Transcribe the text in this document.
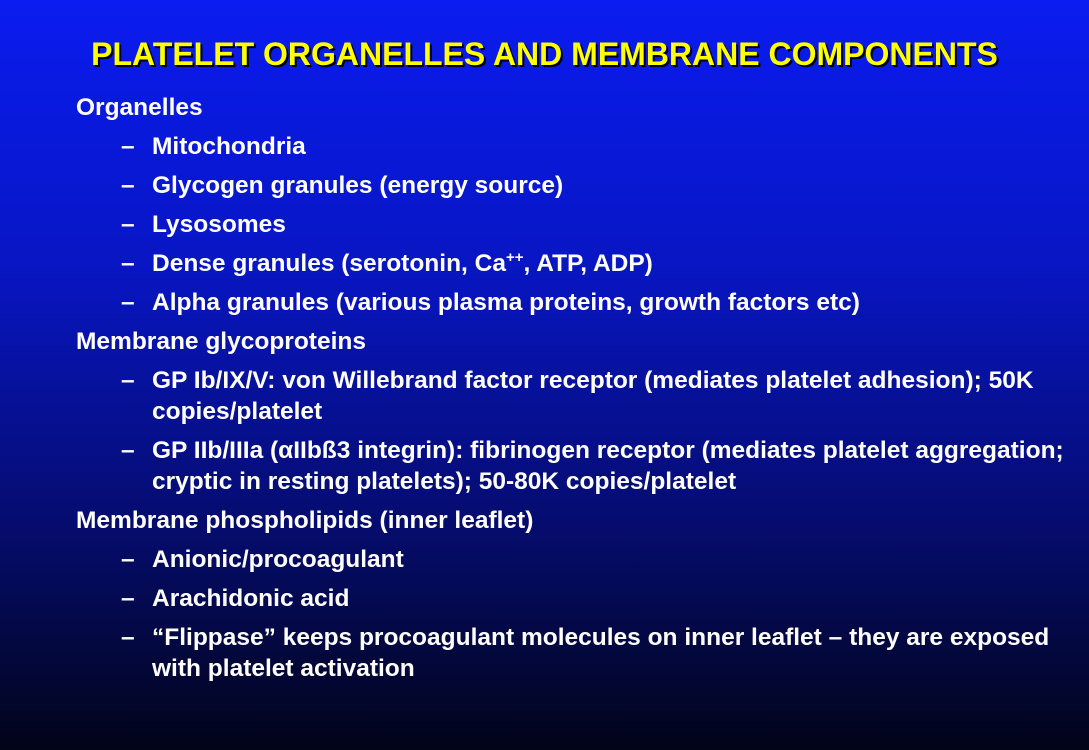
PLATELET ORGANELLES AND MEMBRANE COMPONENTS
Organelles
– Mitochondria
– Glycogen granules (energy source)
– Lysosomes
– Dense granules (serotonin, Ca++, ATP, ADP)
– Alpha granules (various plasma proteins, growth factors etc)
Membrane glycoproteins
– GP Ib/IX/V: von Willebrand factor receptor (mediates platelet adhesion); 50K copies/platelet
– GP IIb/IIIa (αIIbß3 integrin): fibrinogen receptor (mediates platelet aggregation; cryptic in resting platelets); 50-80K copies/platelet
Membrane phospholipids (inner leaflet)
– Anionic/procoagulant
– Arachidonic acid
– “Flippase” keeps procoagulant molecules on inner leaflet – they are exposed with platelet activation
